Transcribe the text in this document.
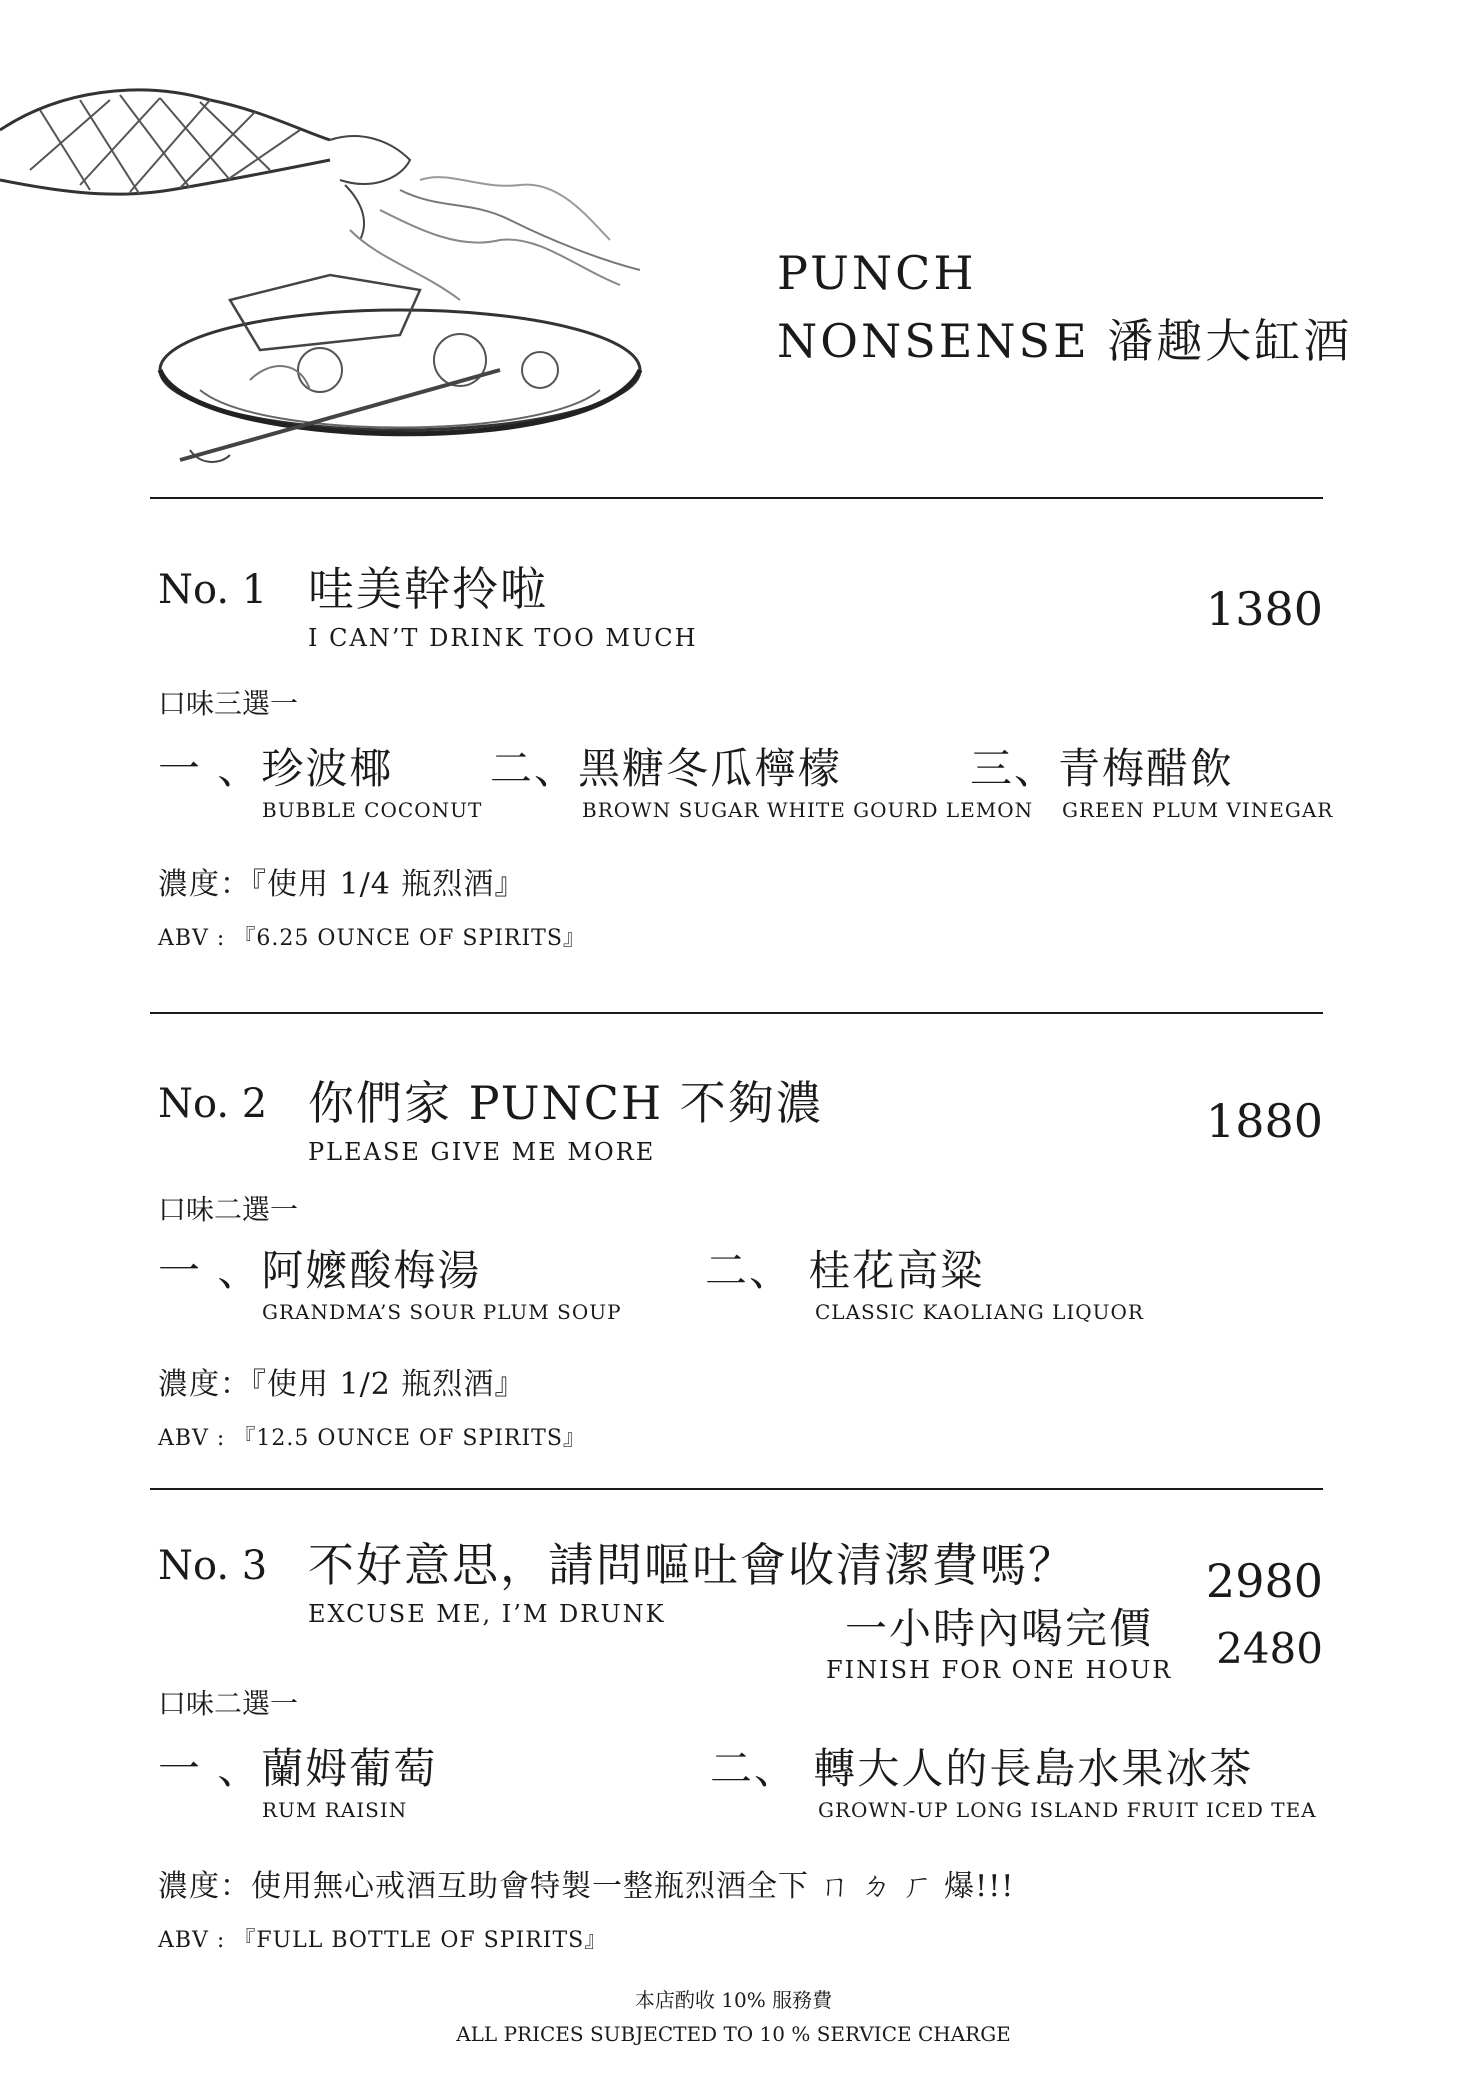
PUNCH
NONSENSE 潘趣大缸酒
No. 1 哇美幹拎啦
I CAN’T DRINK TOO MUCH
1380
口味三選一
一 、珍波椰
BUBBLE COCONUT
二、黑糖冬瓜檸檬
BROWN SUGAR WHITE GOURD LEMON
三、青梅醋飲
GREEN PLUM VINEGAR
濃度：『使用 1/4 瓶烈酒』
ABV : 『6.25 OUNCE OF SPIRITS』
No. 2 你們家 PUNCH 不夠濃
PLEASE GIVE ME MORE
1880
口味二選一
一 、阿嬤酸梅湯
GRANDMA’S SOUR PLUM SOUP
二、 桂花高粱
CLASSIC KAOLIANG LIQUOR
濃度：『使用 1/2 瓶烈酒』
ABV : 『12.5 OUNCE OF SPIRITS』
No. 3 不好意思，請問嘔吐會收清潔費嗎？
EXCUSE ME, I’M DRUNK
2980
一小時內喝完價
FINISH FOR ONE HOUR 2480
口味二選一
一 、蘭姆葡萄
RUM RAISIN
二、 轉大人的長島水果冰茶
GROWN-UP LONG ISLAND FRUIT ICED TEA
濃度：使用無心戒酒互助會特製一整瓶烈酒全下 ㄇ ㄉ ㄏ 爆!!!
ABV : 『FULL BOTTLE OF SPIRITS』
本店酌收 10% 服務費
ALL PRICES SUBJECTED TO 10 % SERVICE CHARGE
